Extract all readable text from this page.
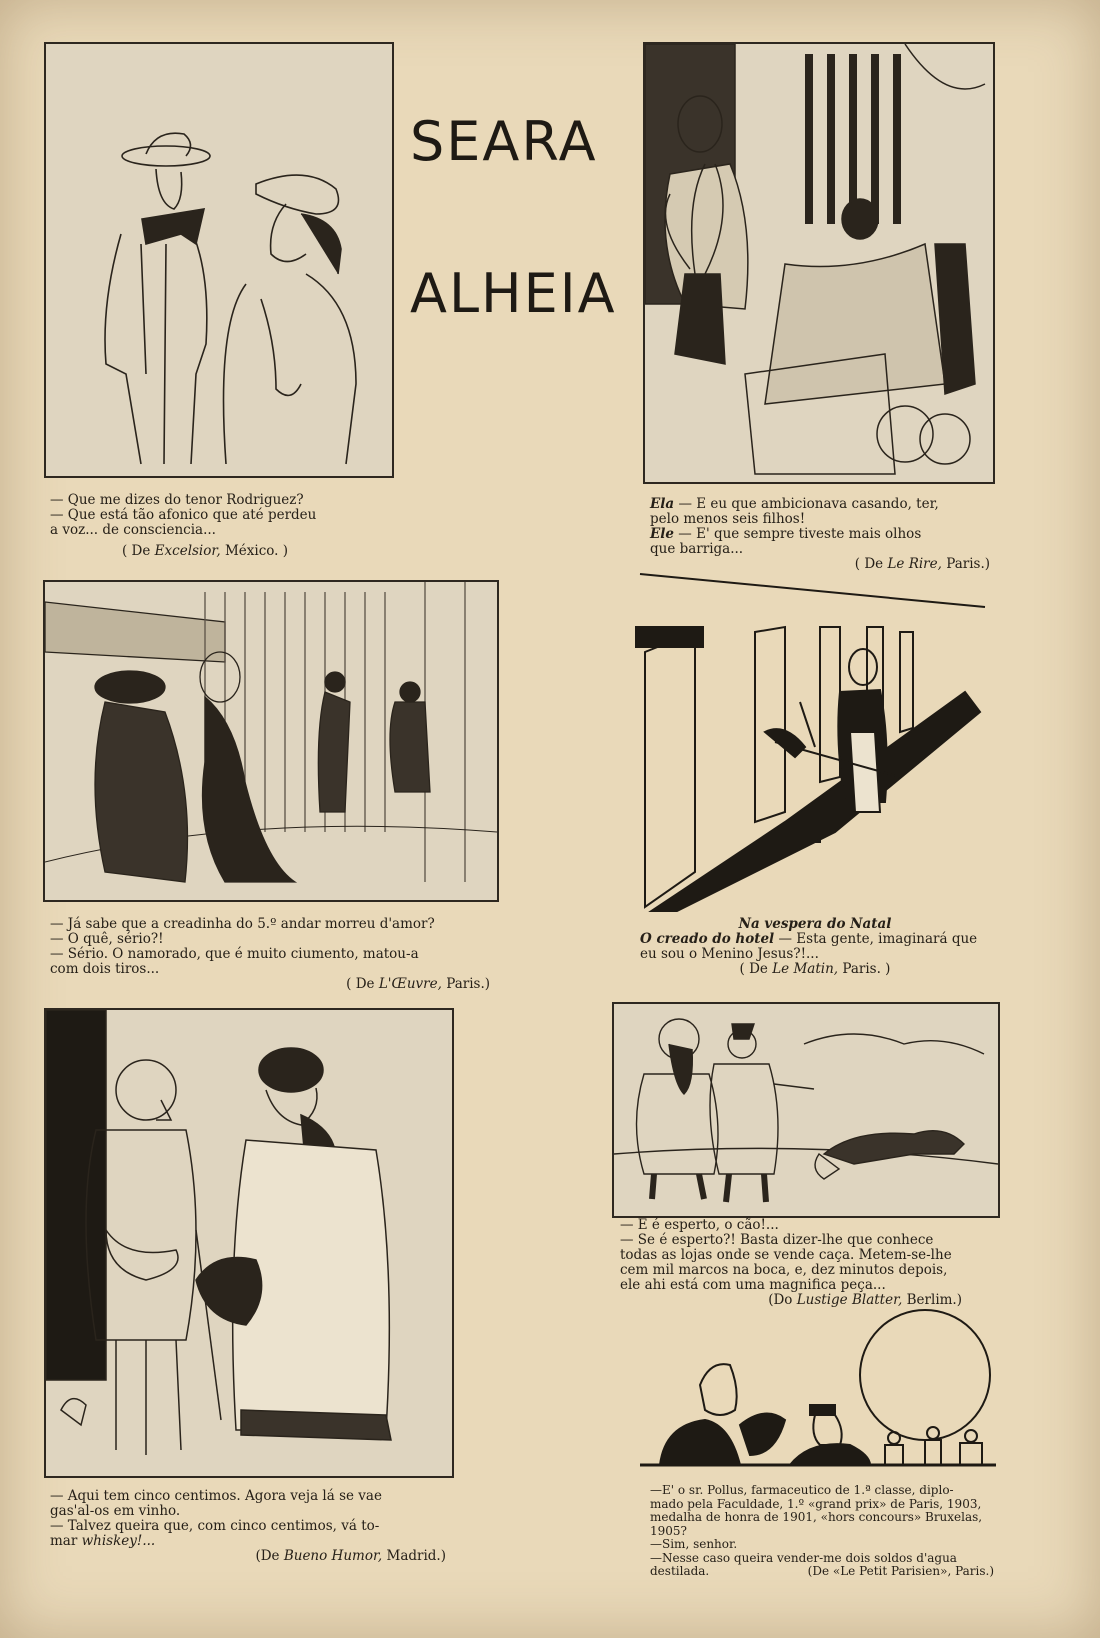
SEARA
ALHEIA
— Que me dizes do tenor Rodriguez?
— Que está tão afonico que até perdeu
a voz... de consciencia...
( De Excelsior, México. )
Ela — E eu que ambicionava casando, ter,
pelo menos seis filhos!
Ele — E' que sempre tiveste mais olhos
que barriga...
( De Le Rire, Paris.)
— Já sabe que a creadinha do 5.º andar morreu d'amor?
— O quê, sério?!
— Sério. O namorado, que é muito ciumento, matou-a
com dois tiros...
( De L'Œuvre, Paris.)
Na vespera do Natal
O creado do hotel — Esta gente, imaginará que
eu sou o Menino Jesus?!...
( De Le Matin, Paris. )
— Aqui tem cinco centimos. Agora veja lá se vae
gas'al-os em vinho.
— Talvez queira que, com cinco centimos, vá to-
mar whiskey!...
(De Bueno Humor, Madrid.)
— E é esperto, o cão!...
— Se é esperto?! Basta dizer-lhe que conhece
todas as lojas onde se vende caça. Metem-se-lhe
cem mil marcos na boca, e, dez minutos depois,
ele ahi está com uma magnifica peça...
(Do Lustige Blatter, Berlim.)
—E' o sr. Pollus, farmaceutico de 1.ª classe, diplo-
mado pela Faculdade, 1.º «grand prix» de Paris, 1903,
medalha de honra de 1901, «hors concours» Bruxelas,
1905?
—Sim, senhor.
—Nesse caso queira vender-me dois soldos d'agua
destilada.	(De «Le Petit Parisien», Paris.)
